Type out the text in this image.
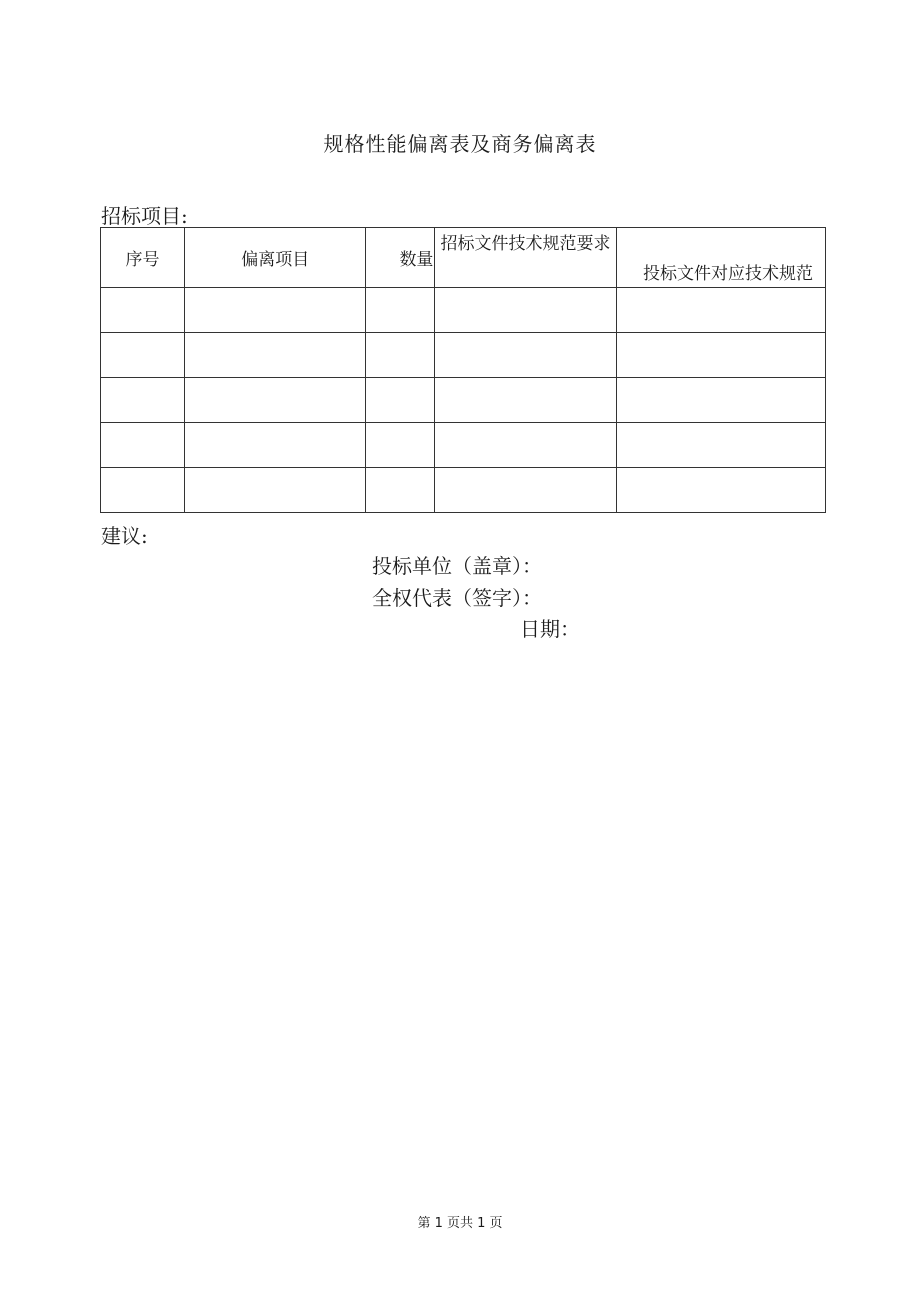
规格性能偏离表及商务偏离表
招标项目:
序号	偏离项目	数量	招标文件技术规范要求	投标文件对应技术规范

建议:
投标单位（盖章）：
全权代表（签字）：
日期：
第 1 页共 1 页
